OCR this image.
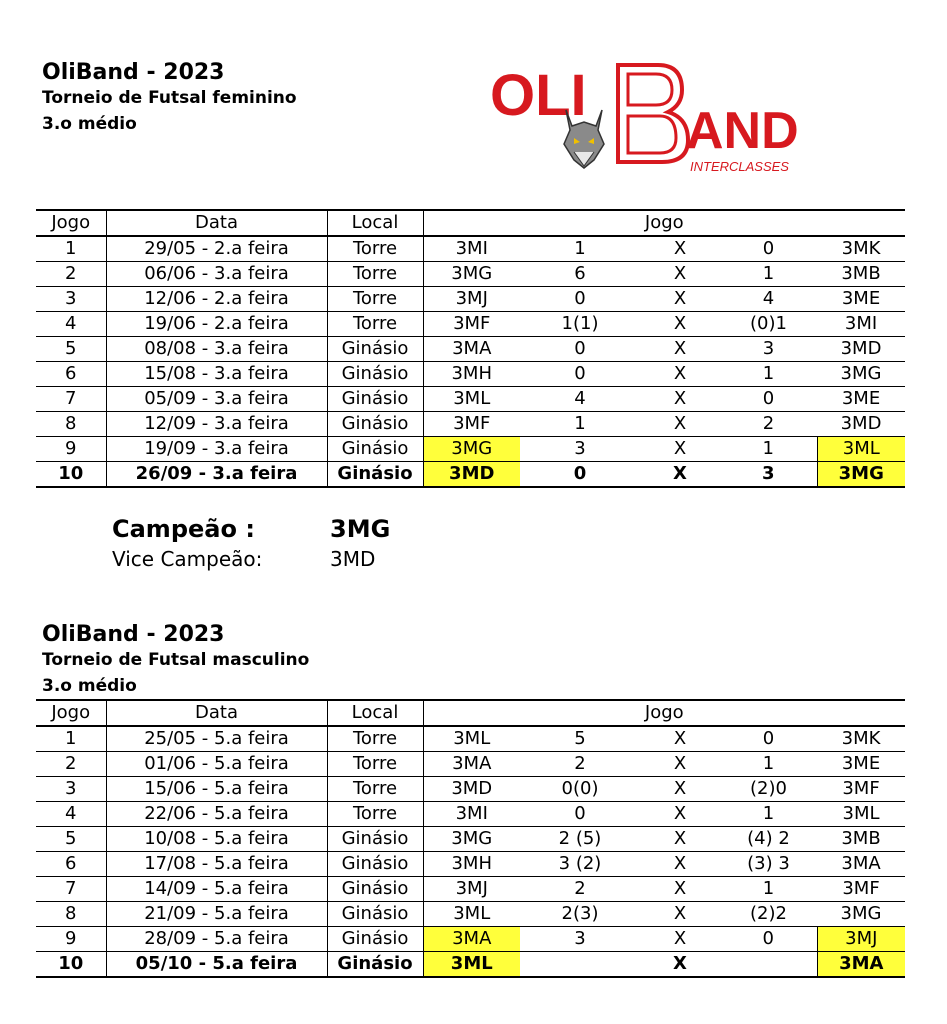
OliBand - 2023
Torneio de Futsal feminino
3.o médio	OLI
AND
INTERCLASSES
Jogo	Data	Local	Jogo				
1	29/05 - 2.a feira	Torre	3MI	1	X	0	3MK
2	06/06 - 3.a feira	Torre	3MG	6	X	1	3MB
3	12/06 - 2.a feira	Torre	3MJ	0	X	4	3ME
4	19/06 - 2.a feira	Torre	3MF	1(1)	X	(0)1	3MI
5	08/08 - 3.a feira	Ginásio	3MA	0	X	3	3MD
6	15/08 - 3.a feira	Ginásio	3MH	0	X	1	3MG
7	05/09 - 3.a feira	Ginásio	3ML	4	X	0	3ME
8	12/09 - 3.a feira	Ginásio	3MF	1	X	2	3MD
9	19/09 - 3.a feira	Ginásio	3MG	3	X	1	3ML
10	26/09 - 3.a feira	Ginásio	3MD	0	X	3	3MG
Campeão :	3MG
Vice Campeão:	3MD
OliBand - 2023
Torneio de Futsal masculino
3.o médio
Jogo	Data	Local	Jogo				
1	25/05 - 5.a feira	Torre	3ML	5	X	0	3MK
2	01/06 - 5.a feira	Torre	3MA	2	X	1	3ME
3	15/06 - 5.a feira	Torre	3MD	0(0)	X	(2)0	3MF
4	22/06 - 5.a feira	Torre	3MI	0	X	1	3ML
5	10/08 - 5.a feira	Ginásio	3MG	2 (5)	X	(4) 2	3MB
6	17/08 - 5.a feira	Ginásio	3MH	3 (2)	X	(3) 3	3MA
7	14/09 - 5.a feira	Ginásio	3MJ	2	X	1	3MF
8	21/09 - 5.a feira	Ginásio	3ML	2(3)	X	(2)2	3MG
9	28/09 - 5.a feira	Ginásio	3MA	3	X	0	3MJ
10	05/10 - 5.a feira	Ginásio	3ML		X		3MA
